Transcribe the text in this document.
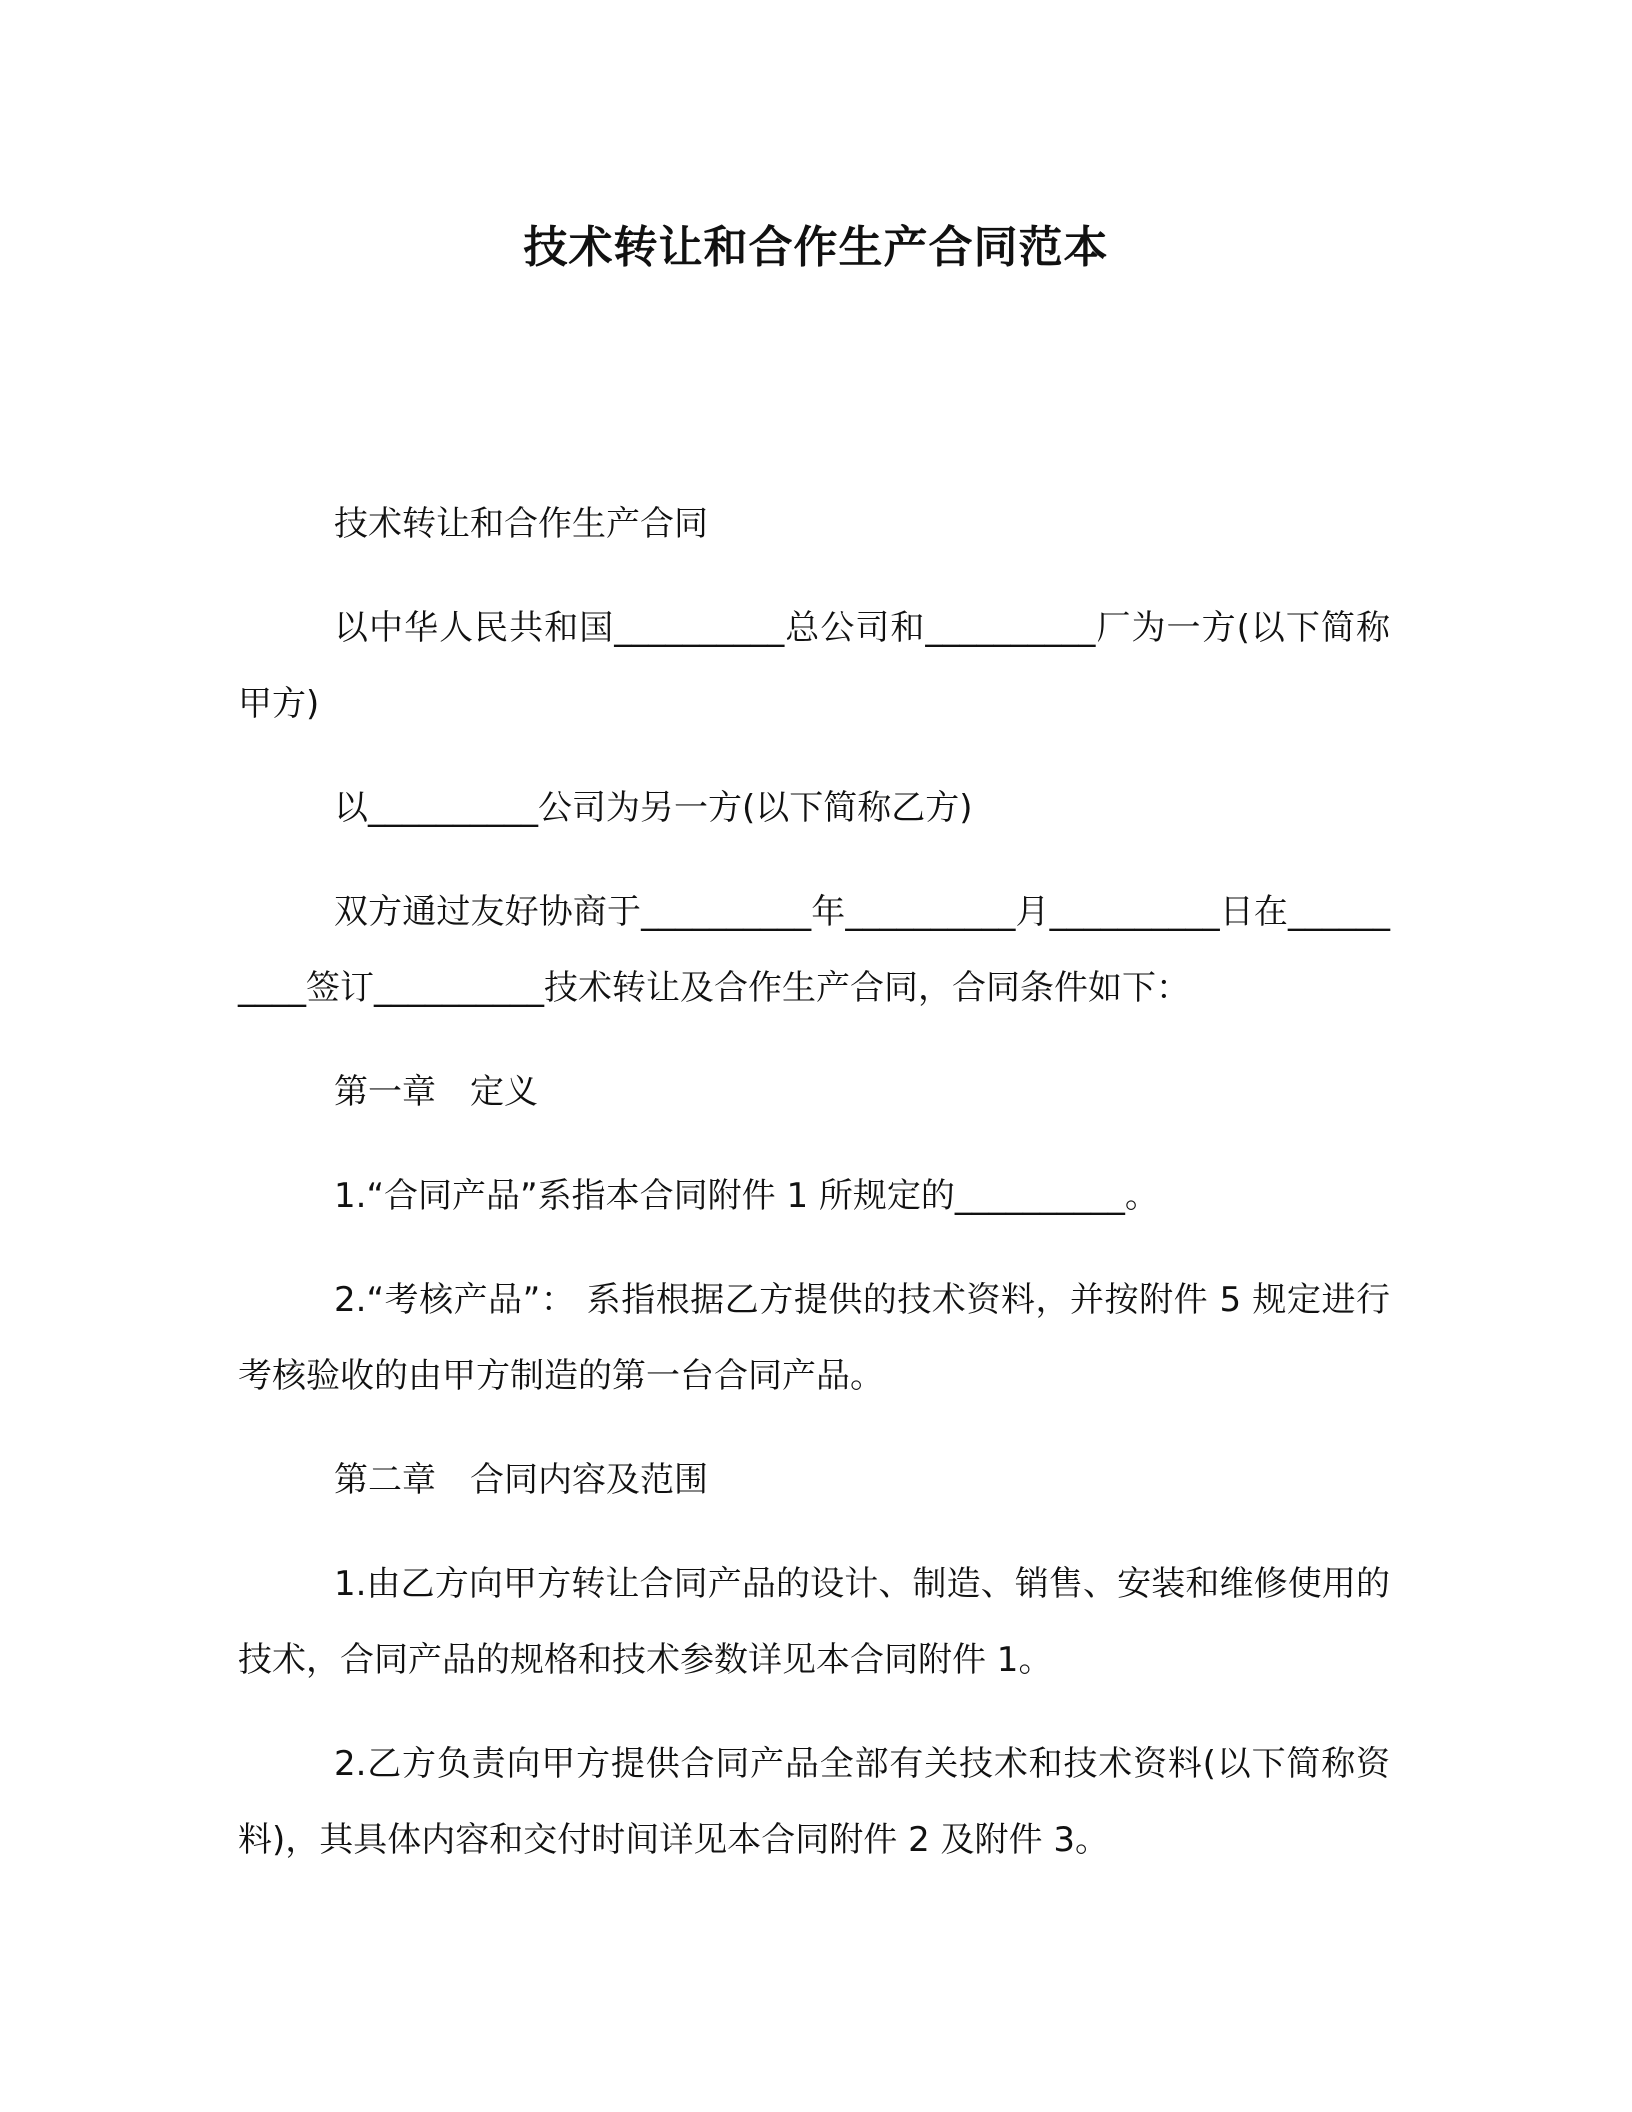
技术转让和合作生产合同范本

技术转让和合作生产合同

以中华人民共和国__________总公司和__________厂为一方(以下简称甲方)

以__________公司为另一方(以下简称乙方)

双方通过友好协商于__________年__________月__________日在__________签订__________技术转让及合作生产合同，合同条件如下：

第一章　定义

1.“合同产品”系指本合同附件 1 所规定的__________。

2.“考核产品”： 系指根据乙方提供的技术资料，并按附件 5 规定进行考核验收的由甲方制造的第一台合同产品。

第二章　合同内容及范围

1.由乙方向甲方转让合同产品的设计、制造、销售、安装和维修使用的技术，合同产品的规格和技术参数详见本合同附件 1。

2.乙方负责向甲方提供合同产品全部有关技术和技术资料(以下简称资料)，其具体内容和交付时间详见本合同附件 2 及附件 3。
